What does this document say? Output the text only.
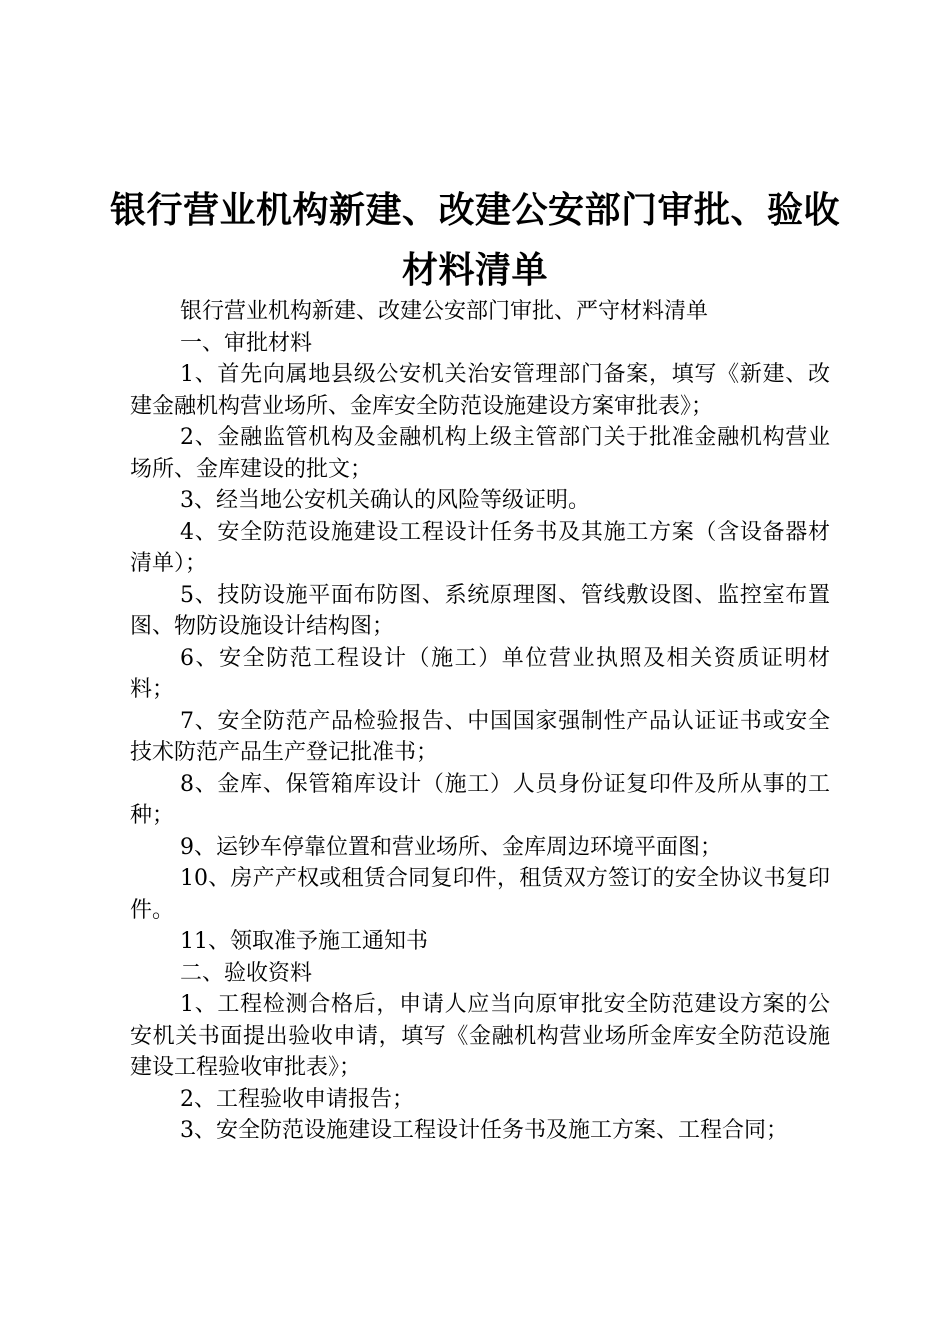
银行营业机构新建、改建公安部门审批、验收
材料清单

银行营业机构新建、改建公安部门审批、严守材料清单

一、审批材料

1、首先向属地县级公安机关治安管理部门备案，填写《新建、改建金融机构营业场所、金库安全防范设施建设方案审批表》；

2、金融监管机构及金融机构上级主管部门关于批准金融机构营业场所、金库建设的批文；

3、经当地公安机关确认的风险等级证明。

4、安全防范设施建设工程设计任务书及其施工方案（含设备器材清单）；

5、技防设施平面布防图、系统原理图、管线敷设图、监控室布置图、物防设施设计结构图；

6、安全防范工程设计（施工）单位营业执照及相关资质证明材料；

7、安全防范产品检验报告、中国国家强制性产品认证证书或安全技术防范产品生产登记批准书；

8、金库、保管箱库设计（施工）人员身份证复印件及所从事的工种；

9、运钞车停靠位置和营业场所、金库周边环境平面图；

10、房产产权或租赁合同复印件，租赁双方签订的安全协议书复印件。

11、领取准予施工通知书

二、验收资料

1、工程检测合格后，申请人应当向原审批安全防范建设方案的公安机关书面提出验收申请，填写《金融机构营业场所金库安全防范设施建设工程验收审批表》；

2、工程验收申请报告；

3、安全防范设施建设工程设计任务书及施工方案、工程合同；
